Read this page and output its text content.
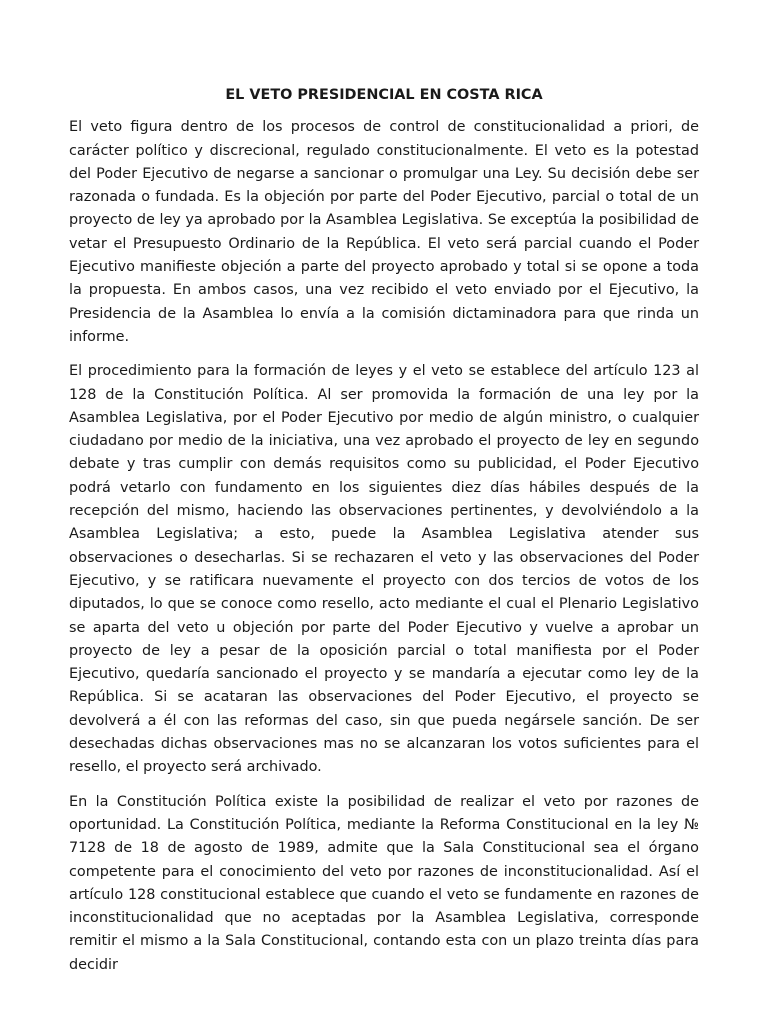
EL VETO PRESIDENCIAL EN COSTA RICA

El veto figura dentro de los procesos de control de constitucionalidad a priori, de carácter político y discrecional, regulado constitucionalmente. El veto es la potestad del Poder Ejecutivo de negarse a sancionar o promulgar una Ley. Su decisión debe ser razonada o fundada. Es la objeción por parte del Poder Ejecutivo, parcial o total de un proyecto de ley ya aprobado por la Asamblea Legislativa. Se exceptúa la posibilidad de vetar el Presupuesto Ordinario de la República. El veto será parcial cuando el Poder Ejecutivo manifieste objeción a parte del proyecto aprobado y total si se opone a toda la propuesta. En ambos casos, una vez recibido el veto enviado por el Ejecutivo, la Presidencia de la Asamblea lo envía a la comisión dictaminadora para que rinda un informe.

El procedimiento para la formación de leyes y el veto se establece del artículo 123 al 128 de la Constitución Política. Al ser promovida la formación de una ley por la Asamblea Legislativa, por el Poder Ejecutivo por medio de algún ministro, o cualquier ciudadano por medio de la iniciativa, una vez aprobado el proyecto de ley en segundo debate y tras cumplir con demás requisitos como su publicidad, el Poder Ejecutivo podrá vetarlo con fundamento en los siguientes diez días hábiles después de la recepción del mismo, haciendo las observaciones pertinentes, y devolviéndolo a la Asamblea Legislativa; a esto, puede la Asamblea Legislativa atender sus observaciones o desecharlas. Si se rechazaren el veto y las observaciones del Poder Ejecutivo, y se ratificara nuevamente el proyecto con dos tercios de votos de los diputados, lo que se conoce como resello, acto mediante el cual el Plenario Legislativo se aparta del veto u objeción por parte del Poder Ejecutivo y vuelve a aprobar un proyecto de ley a pesar de la oposición parcial o total manifiesta por el Poder Ejecutivo, quedaría sancionado el proyecto y se mandaría a ejecutar como ley de la República. Si se acataran las observaciones del Poder Ejecutivo, el proyecto se devolverá a él con las reformas del caso, sin que pueda negársele sanción. De ser desechadas dichas observaciones mas no se alcanzaran los votos suficientes para el resello, el proyecto será archivado.

En la Constitución Política existe la posibilidad de realizar el veto por razones de oportunidad. La Constitución Política, mediante la Reforma Constitucional en la ley № 7128 de 18 de agosto de 1989, admite que la Sala Constitucional sea el órgano competente para el conocimiento del veto por razones de inconstitucionalidad. Así el artículo 128 constitucional establece que cuando el veto se fundamente en razones de inconstitucionalidad que no aceptadas por la Asamblea Legislativa, corresponde remitir el mismo a la Sala Constitucional, contando esta con un plazo treinta días para decidir
